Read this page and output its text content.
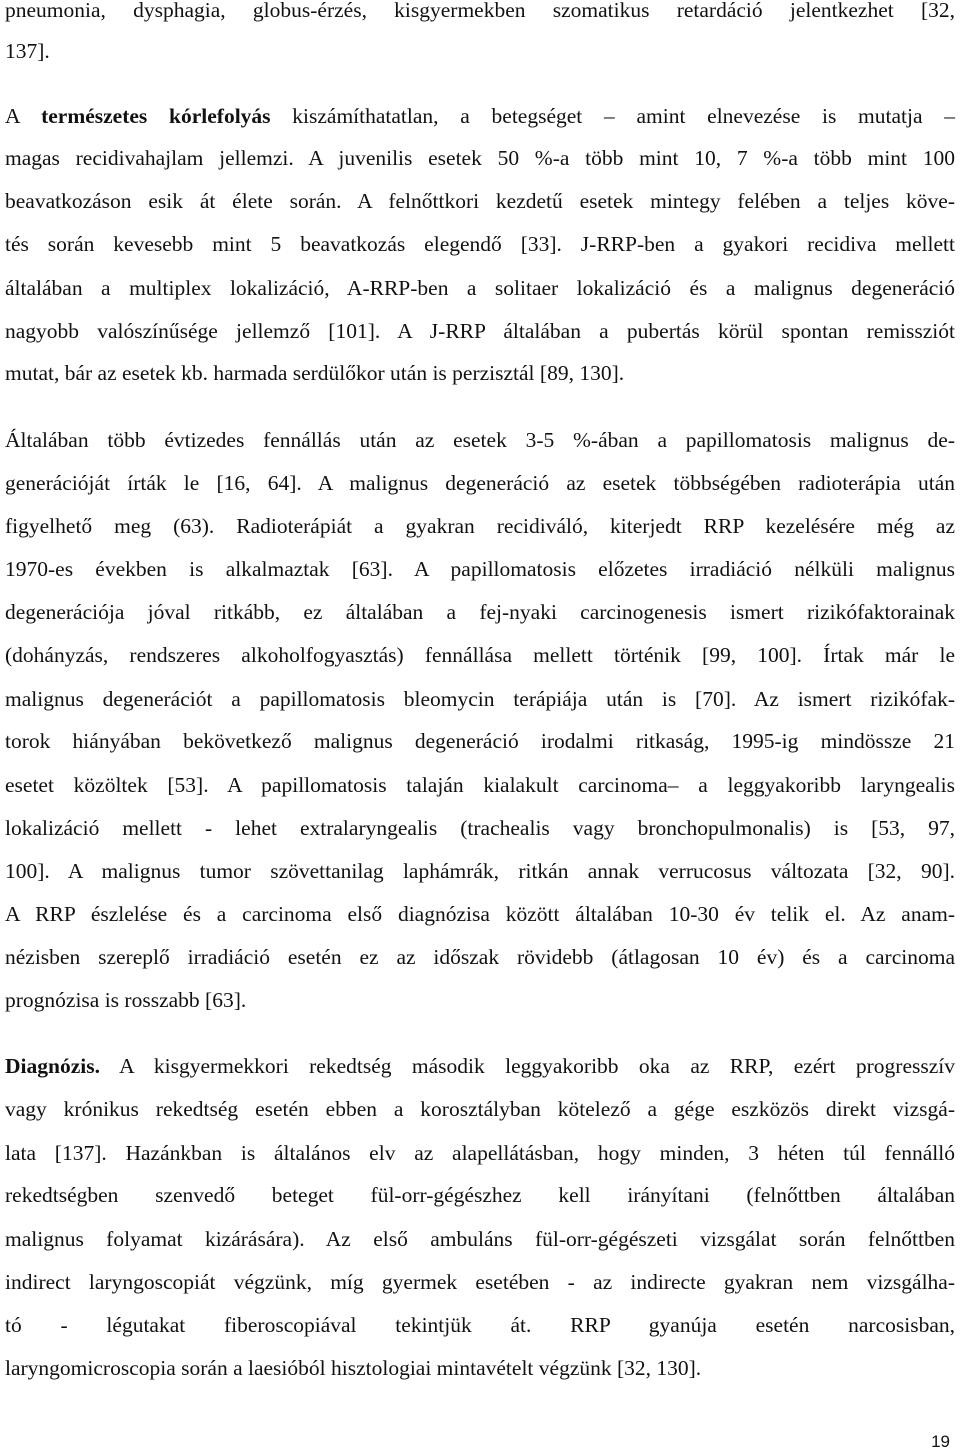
pneumonia, dysphagia, globus-érzés, kisgyermekben szomatikus retardáció jelentkezhet [32,
137].
A természetes kórlefolyás kiszámíthatatlan, a betegséget – amint elnevezése is mutatja –
magas recidivahajlam jellemzi. A juvenilis esetek 50 %-a több mint 10, 7 %-a több mint 100
beavatkozáson esik át élete során. A felnőttkori kezdetű esetek mintegy felében a teljes köve-
tés során kevesebb mint 5 beavatkozás elegendő [33]. J-RRP-ben a gyakori recidiva mellett
általában a multiplex lokalizáció, A-RRP-ben a solitaer lokalizáció és a malignus degeneráció
nagyobb valószínűsége jellemző [101]. A J-RRP általában a pubertás körül spontan remissziót
mutat, bár az esetek kb. harmada serdülőkor után is perzisztál [89, 130].
Általában több évtizedes fennállás után az esetek 3-5 %-ában a papillomatosis malignus de-
generációját írták le [16, 64]. A malignus degeneráció az esetek többségében radioterápia után
figyelhető meg (63). Radioterápiát a gyakran recidiváló, kiterjedt RRP kezelésére még az
1970-es években is alkalmaztak [63]. A papillomatosis előzetes irradiáció nélküli malignus
degenerációja jóval ritkább, ez általában a fej-nyaki carcinogenesis ismert rizikófaktorainak
(dohányzás, rendszeres alkoholfogyasztás) fennállása mellett történik [99, 100]. Írtak már le
malignus degenerációt a papillomatosis bleomycin terápiája után is [70]. Az ismert rizikófak-
torok hiányában bekövetkező malignus degeneráció irodalmi ritkaság, 1995-ig mindössze 21
esetet közöltek [53]. A papillomatosis talaján kialakult carcinoma– a leggyakoribb laryngealis
lokalizáció mellett - lehet extralaryngealis (trachealis vagy bronchopulmonalis) is [53, 97,
100]. A malignus tumor szövettanilag laphámrák, ritkán annak verrucosus változata [32, 90].
A RRP észlelése és a carcinoma első diagnózisa között általában 10-30 év telik el. Az anam-
nézisben szereplő irradiáció esetén ez az időszak rövidebb (átlagosan 10 év) és a carcinoma
prognózisa is rosszabb [63].
Diagnózis. A kisgyermekkori rekedtség második leggyakoribb oka az RRP, ezért progresszív
vagy krónikus rekedtség esetén ebben a korosztályban kötelező a gége eszközös direkt vizsgá-
lata [137]. Hazánkban is általános elv az alapellátásban, hogy minden, 3 héten túl fennálló
rekedtségben szenvedő beteget fül-orr-gégészhez kell irányítani (felnőttben általában
malignus folyamat kizárására). Az első ambuláns fül-orr-gégészeti vizsgálat során felnőttben
indirect laryngoscopiát végzünk, míg gyermek esetében - az indirecte gyakran nem vizsgálha-
tó - légutakat fiberoscopiával tekintjük át. RRP gyanúja esetén narcosisban,
laryngomicroscopia során a laesióból hisztologiai mintavételt végzünk [32, 130].
19
